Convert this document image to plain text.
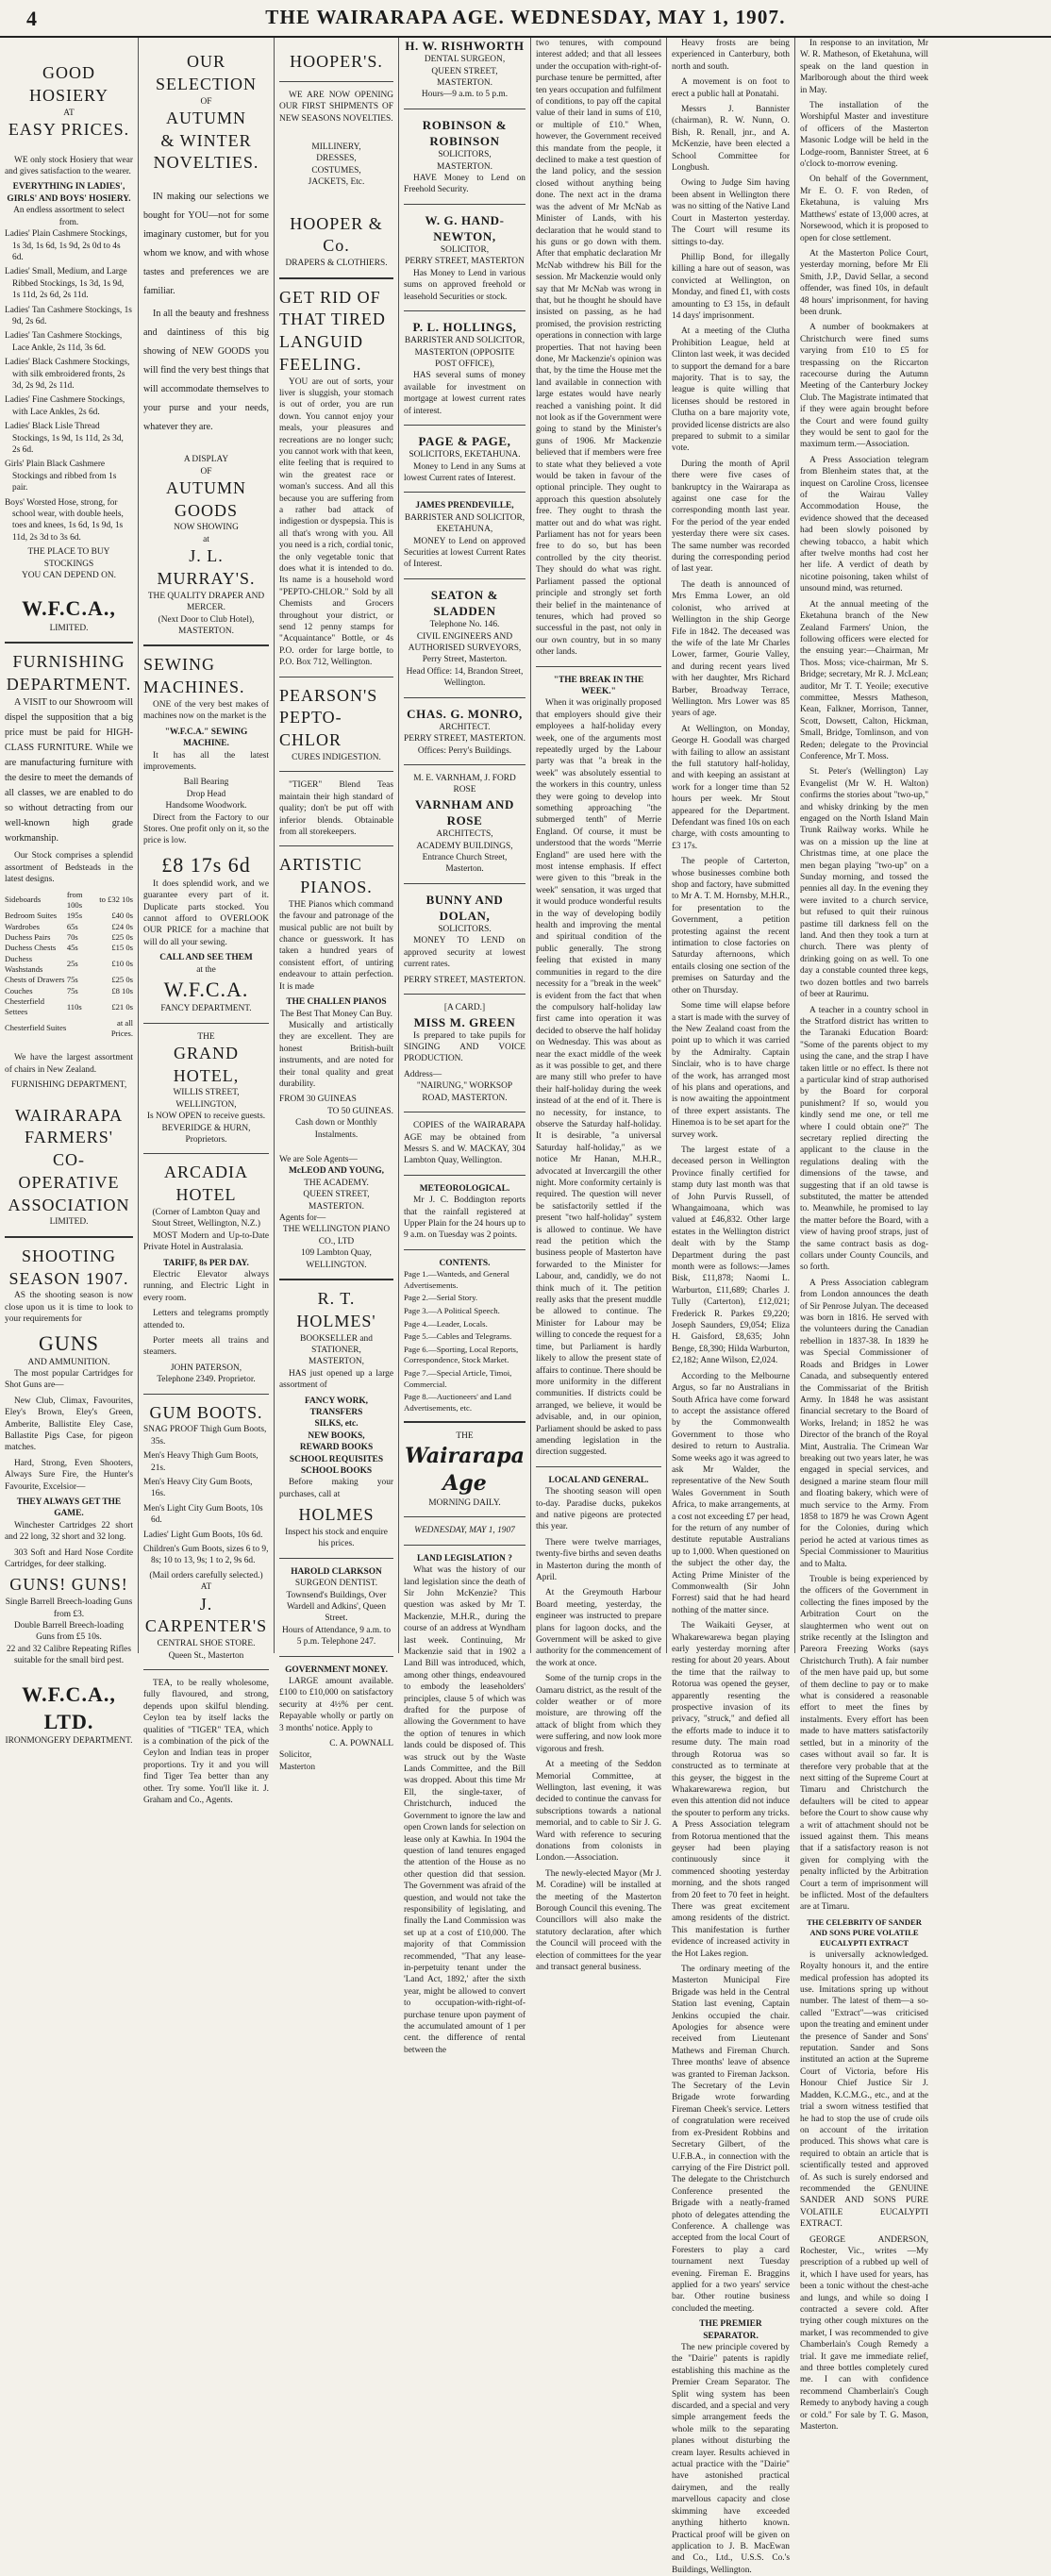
4	THE WAIRARAPA AGE. WEDNESDAY, MAY 1, 1907.
GOOD HOSIERY
AT
EASY PRICES.
WE only stock Hosiery that wear and gives satisfaction to the wearer.
EVERYTHING IN LADIES', GIRLS' AND BOYS' HOSIERY.
An endless assortment to select from.
Ladies' Plain Cashmere Stockings, 1s 3d, 1s 6d, 1s 9d, 2s 0d to 4s 6d.
Ladies' Small, Medium, and Large Ribbed Stockings, 1s 3d, 1s 9d, 1s 11d, 2s 6d, 2s 11d.
Ladies' Tan Cashmere Stockings, 1s 9d, 2s 6d.
Ladies' Tan Cashmere Stockings, Lace Ankle, 2s 11d, 3s 6d.
Ladies' Black Cashmere Stockings, with silk embroidered fronts, 2s 3d, 2s 9d, 2s 11d.
Ladies' Fine Cashmere Stockings, with Lace Ankles, 2s 6d.
Ladies' Black Lisle Thread Stockings, 1s 9d, 1s 11d, 2s 3d, 2s 6d.
Girls' Plain Black Cashmere Stockings and ribbed from 1s pair.
Boys' Worsted Hose, strong, for school wear, with double heels, toes and knees, 1s 6d, 1s 9d, 1s 11d, 2s 3d to 3s 6d.
THE PLACE TO BUY STOCKINGS
YOU CAN DEPEND ON.
W.F.C.A.,
LIMITED.
FURNISHING
DEPARTMENT.
A VISIT to our Showroom will dispel the supposition that a big price must be paid for HIGH-CLASS FURNITURE. While we are manufacturing furniture with the desire to meet the demands of all classes, we are enabled to do so without detracting from our well-known high grade workmanship.
Our Stock comprises a splendid assortment of Bedsteads in the latest designs.
Sideboards	from 100s	to £32 10s
Bedroom Suites	195s	£40 0s
Wardrobes	65s	£24 0s
Duchess Pairs	70s	£25 0s
Duchess Chests	45s	£15 0s
Duchess Washstands	25s	£10 0s
Chests of Drawers	75s	£25 0s
Couches	75s	£8 10s
Chesterfield Settees	110s	£21 0s
Chesterfield Suites		at all Prices.
We have the largest assortment of chairs in New Zealand.
FURNISHING DEPARTMENT,
WAIRARAPA
FARMERS'
CO-OPERATIVE
ASSOCIATION
LIMITED.
SHOOTING
SEASON 1907.
AS the shooting season is now close upon us it is time to look to your requirements for
GUNS
AND AMMUNITION.
The most popular Cartridges for Shot Guns are—
New Club, Climax, Favourites, Eley's Brown, Eley's Green, Amberite, Ballistite Eley Case, Ballastite Pigs Case, for pigeon matches.
Hard, Strong, Even Shooters, Always Sure Fire, the Hunter's Favourite, Excelsior—
THEY ALWAYS GET THE GAME.
Winchester Cartridges 22 short and 22 long, 32 short and 32 long.
303 Soft and Hard Nose Cordite Cartridges, for deer stalking.
GUNS! GUNS!
Single Barrell Breech-loading Guns from £3.
Double Barrell Breech-loading Guns from £5 10s.
22 and 32 Calibre Repeating Rifles suitable for the small bird pest.
W.F.C.A., LTD.
IRONMONGERY DEPARTMENT.
OUR SELECTION
OF
AUTUMN
& WINTER
NOVELTIES.
IN making our selections we bought for YOU—not for some imaginary customer, but for you whom we know, and with whose tastes and preferences we are familiar.
In all the beauty and freshness and daintiness of this big showing of NEW GOODS you will find the very best things that will accommodate themselves to your purse and your needs, whatever they are.
A DISPLAY
OF
AUTUMN GOODS
NOW SHOWING
at
J. L. MURRAY'S.
THE QUALITY DRAPER AND
MERCER.
(Next Door to Club Hotel), MASTERTON.
SEWING
MACHINES.
ONE of the very best makes of machines now on the market is the
"W.F.C.A." SEWING MACHINE.
It has all the latest improvements.
Ball Bearing
Drop Head
Handsome Woodwork.
Direct from the Factory to our Stores. One profit only on it, so the price is low.
£8 17s 6d
It does splendid work, and we guarantee every part of it. Duplicate parts stocked. You cannot afford to OVERLOOK OUR PRICE for a machine that will do all your sewing.
CALL AND SEE THEM
at the
W.F.C.A.
FANCY DEPARTMENT.
THE
GRAND HOTEL,
WILLIS STREET, WELLINGTON,
Is NOW OPEN to receive guests.
BEVERIDGE & HURN,
Proprietors.
ARCADIA HOTEL
(Corner of Lambton Quay and Stout Street, Wellington, N.Z.)
MOST Modern and Up-to-Date Private Hotel in Australasia.
TARIFF, 8s PER DAY.
Electric Elevator always running, and Electric Light in every room.
Letters and telegrams promptly attended to.
Porter meets all trains and steamers.
JOHN PATERSON,
Telephone 2349. Proprietor.
GUM BOOTS.
SNAG PROOF Thigh Gum Boots, 35s.
Men's Heavy Thigh Gum Boots, 21s.
Men's Heavy City Gum Boots, 16s.
Men's Light City Gum Boots, 10s 6d.
Ladies' Light Gum Boots, 10s 6d.
Children's Gum Boots, sizes 6 to 9, 8s; 10 to 13, 9s; 1 to 2, 9s 6d.
(Mail orders carefully selected.)
AT
J. CARPENTER'S
CENTRAL SHOE STORE.
Queen St., Masterton
TEA, to be really wholesome, fully flavoured, and strong, depends upon skilful blending. Ceylon tea by itself lacks the qualities of "TIGER" TEA, which is a combination of the pick of the Ceylon and Indian teas in proper proportions. Try it and you will find Tiger Tea better than any other. Try some. You'll like it. J. Graham and Co., Agents.
HOOPER'S.
WE ARE NOW OPENING OUR FIRST SHIPMENTS OF NEW SEASONS NOVELTIES.
MILLINERY,
DRESSES,
COSTUMES,
JACKETS, Etc.
HOOPER & Co.
DRAPERS & CLOTHIERS.
GET RID OF
THAT TIRED
LANGUID
FEELING.
YOU are out of sorts, your liver is sluggish, your stomach is out of order, you are run down. You cannot enjoy your meals, your pleasures and recreations are no longer such; you cannot work with that keen, elite feeling that is required to win the greatest race or woman's success. And all this because you are suffering from a rather bad attack of indigestion or dyspepsia. This is all that's wrong with you. All you need is a rich, cordial tonic, the only vegetable tonic that does what it is intended to do. Its name is a household word "PEPTO-CHLOR." Sold by all Chemists and Grocers throughout your district, or send 12 penny stamps for "Acquaintance" Bottle, or 4s P.O. order for large bottle, to P.O. Box 712, Wellington.
PEARSON'S
PEPTO-CHLOR
CURES INDIGESTION.
"TIGER" Blend Teas maintain their high standard of quality; don't be put off with inferior blends. Obtainable from all storekeepers.
ARTISTIC
PIANOS.
THE Pianos which command the favour and patronage of the musical public are not built by chance or guesswork. It has taken a hundred years of consistent effort, of untiring endeavour to attain perfection. It is made
THE CHALLEN PIANOS
The Best That Money Can Buy.
Musically and artistically they are excellent. They are honest British-built instruments, and are noted for their tonal quality and great durability.
FROM 30 GUINEAS
TO 50 GUINEAS.
Cash down or Monthly Instalments.
We are Sole Agents—
McLEOD AND YOUNG,
THE ACADEMY.
QUEEN STREET, MASTERTON.
Agents for—
THE WELLINGTON PIANO CO., LTD
109 Lambton Quay,
WELLINGTON.
R. T. HOLMES'
BOOKSELLER and STATIONER,
MASTERTON,
HAS just opened up a large assortment of
FANCY WORK,
TRANSFERS
SILKS, etc.
NEW BOOKS,
REWARD BOOKS
SCHOOL REQUISITES
SCHOOL BOOKS
Before making your purchases, call at
HOLMES
Inspect his stock and enquire his prices.
HAROLD CLARKSON
SURGEON DENTIST.
Townsend's Buildings, Over Wardell and Adkins', Queen Street.
Hours of Attendance, 9 a.m. to 5 p.m. Telephone 247.
GOVERNMENT MONEY.
LARGE amount available. £100 to £10,000 on satisfactory security at 4½% per cent. Repayable wholly or partly on 3 months' notice. Apply to
C. A. POWNALL
Solicitor,
Masterton
H. W. RISHWORTH
DENTAL SURGEON,
QUEEN STREET, MASTERTON.
Hours—9 a.m. to 5 p.m.
ROBINSON & ROBINSON
SOLICITORS,
MASTERTON.
HAVE Money to Lend on Freehold Security.
W. G. HAND-NEWTON,
SOLICITOR,
PERRY STREET, MASTERTON
Has Money to Lend in various sums on approved freehold or leasehold Securities or stock.
P. L. HOLLINGS,
BARRISTER AND SOLICITOR,
MASTERTON (OPPOSITE POST OFFICE),
HAS several sums of money available for investment on mortgage at lowest current rates of interest.
PAGE & PAGE,
SOLICITORS, EKETAHUNA.
Money to Lend in any Sums at lowest Current rates of Interest.
JAMES PRENDEVILLE,
BARRISTER AND SOLICITOR, EKETAHUNA,
MONEY to Lend on approved Securities at lowest Current Rates of Interest.
SEATON & SLADDEN
Telephone No. 146.
CIVIL ENGINEERS AND AUTHORISED SURVEYORS,
Perry Street, Masterton.
Head Office: 14, Brandon Street, Wellington.
CHAS. G. MONRO,
ARCHITECT.
PERRY STREET, MASTERTON.
Offices: Perry's Buildings.
M. E. VARNHAM, J. FORD ROSE
VARNHAM AND ROSE
ARCHITECTS,
ACADEMY BUILDINGS,
Entrance Church Street, Masterton.
BUNNY AND DOLAN,
SOLICITORS.
MONEY TO LEND on approved security at lowest current rates.
PERRY STREET, MASTERTON.
[A CARD.]
MISS M. GREEN
Is prepared to take pupils for SINGING AND VOICE PRODUCTION.
Address—
"NAIRUNG," WORKSOP ROAD, MASTERTON.
COPIES of the WAIRARAPA AGE may be obtained from Messrs S. and W. MACKAY, 304 Lambton Quay, Wellington.
METEOROLOGICAL.
Mr J. C. Boddington reports that the rainfall registered at Upper Plain for the 24 hours up to 9 a.m. on Tuesday was 2 points.
CONTENTS.
Page 1.—Wanteds, and General Advertisements.
Page 2.—Serial Story.
Page 3.—A Political Speech.
Page 4.—Leader, Locals.
Page 5.—Cables and Telegrams.
Page 6.—Sporting, Local Reports, Correspondence, Stock Market.
Page 7.—Special Article, Timoi, Commercial.
Page 8.—Auctioneers' and Land Advertisements, etc.
THE
Wairarapa Age
MORNING DAILY.
WEDNESDAY, MAY 1, 1907
LAND LEGISLATION ?
What was the history of our land legislation since the death of Sir John McKenzie? This question was asked by Mr T. Mackenzie, M.H.R., during the course of an address at Wyndham last week. Continuing, Mr Mackenzie said that in 1902 a Land Bill was introduced, which, among other things, endeavoured to embody the leaseholders' principles, clause 5 of which was drafted for the purpose of allowing the Government to have the option of tenures in which lands could be disposed of. This was struck out by the Waste Lands Committee, and the Bill was dropped. About this time Mr Ell, the single-taxer, of Christchurch, induced the Government to ignore the law and open Crown lands for selection on lease only at Kawhia. In 1904 the question of land tenures engaged the attention of the House as no other question did that session. The Government was afraid of the question, and would not take the responsibility of legislating, and finally the Land Commission was set up at a cost of £10,000. The majority of that Commission recommended, "That any lease-in-perpetuity tenant under the 'Land Act, 1892,' after the sixth year, might be allowed to convert to occupation-with-right-of-purchase tenure upon payment of the accumulated amount of 1 per cent. the difference of rental between the
two tenures, with compound interest added; and that all lessees under the occupation with-right-of-purchase tenure be permitted, after ten years occupation and fulfilment of conditions, to pay off the capital value of their land in sums of £10, or multiple of £10." When, however, the Government received this mandate from the people, it declined to make a test question of the land policy, and the session closed without anything being done. The next act in the drama was the advent of Mr McNab as Minister of Lands, with his declaration that he would stand to his guns or go down with them. After that emphatic declaration Mr McNab withdrew his Bill for the session. Mr Mackenzie would only say that Mr McNab was wrong in that, but he thought he should have insisted on passing, as he had promised, the provision restricting operations in connection with large properties. That not having been done, Mr Mackenzie's opinion was that, by the time the House met the land available in connection with large estates would have nearly reached a vanishing point. It did not look as if the Government were going to stand by the Minister's guns of 1906. Mr Mackenzie believed that if members were free to state what they believed a vote would be taken in favour of the optional principle. They ought to approach this question absolutely free. They ought to thrash the matter out and do what was right. Parliament has not for years been free to do so, but has been controlled by the city theorist. They should do what was right. Parliament passed the optional principle and strongly set forth their belief in the maintenance of tenures, which had proved so successful in the past, not only in our own country, but in so many other lands.
"THE BREAK IN THE WEEK."
When it was originally proposed that employers should give their employees a half-holiday every week, one of the arguments most repeatedly urged by the Labour party was that "a break in the week" was absolutely essential to the workers in this country, unless they were going to develop into something approaching "the submerged tenth" of Merrie England. Of course, it must be understood that the words "Merrie England" are used here with the most intense emphasis. If effect were given to this "break in the week" sensation, it was urged that it would produce wonderful results in the way of developing bodily health and improving the mental and spiritual condition of the public generally. The strong feeling that existed in many communities in regard to the dire necessity for a "break in the week" is evident from the fact that when the compulsory half-holiday law first came into operation it was decided to observe the half holiday on Wednesday. This was about as near the exact middle of the week as it was possible to get, and there are many still who prefer to have their half-holiday during the week instead of at the end of it. There is no necessity, for instance, to observe the Saturday half-holiday. It is desirable, "a universal Saturday half-holiday," as we notice Mr Hanan, M.H.R., advocated at Invercargill the other night. More conformity certainly is required. The question will never be satisfactorily settled if the present "two half-holiday" system is allowed to continue. We have read the petition which the business people of Masterton have forwarded to the Minister for Labour, and, candidly, we do not think much of it. The petition really asks that the present muddle be allowed to continue. The Minister for Labour may be willing to concede the request for a time, but Parliament is hardly likely to allow the present state of affairs to continue. There should be more uniformity in the different communities. If districts could be arranged, we believe, it would be advisable, and, in our opinion, Parliament should be asked to pass amending legislation in the direction suggested.
LOCAL AND GENERAL.
The shooting season will open to-day. Paradise ducks, pukekos and native pigeons are protected this year.
There were twelve marriages, twenty-five births and seven deaths in Masterton during the month of April.
At the Greymouth Harbour Board meeting, yesterday, the engineer was instructed to prepare plans for lagoon docks, and the Government will be asked to give authority for the commencement of the work at once.
Some of the turnip crops in the Oamaru district, as the result of the colder weather or of more moisture, are throwing off the attack of blight from which they were suffering, and now look more vigorous and fresh.
At a meeting of the Seddon Memorial Committee, at Wellington, last evening, it was decided to continue the canvass for subscriptions towards a national memorial, and to cable to Sir J. G. Ward with reference to securing donations from colonists in London.—Association.
The newly-elected Mayor (Mr J. M. Coradine) will be installed at the meeting of the Masterton Borough Council this evening. The Councillors will also make the statutory declaration, after which the Council will proceed with the election of committees for the year and transact general business.
Heavy frosts are being experienced in Canterbury, both north and south.
A movement is on foot to erect a public hall at Ponatahi.
Messrs J. Bannister (chairman), R. W. Nunn, O. Bish, R. Renall, jnr., and A. McKenzie, have been elected a School Committee for Longbush.
Owing to Judge Sim having been absent in Wellington there was no sitting of the Native Land Court in Masterton yesterday. The Court will resume its sittings to-day.
Phillip Bond, for illegally killing a hare out of season, was convicted at Wellington, on Monday, and fined £1, with costs amounting to £3 15s, in default 14 days' imprisonment.
At a meeting of the Clutha Prohibition League, held at Clinton last week, it was decided to support the demand for a bare majority. That is to say, the league is quite willing that licenses should be restored in Clutha on a bare majority vote, provided license districts are also prepared to submit to a similar vote.
During the month of April there were five cases of bankruptcy in the Wairarapa as against one case for the corresponding month last year. For the period of the year ended yesterday there were six cases. The same number was recorded during the corresponding period of last year.
The death is announced of Mrs Emma Lower, an old colonist, who arrived at Wellington in the ship George Fife in 1842. The deceased was the wife of the late Mr Charles Lower, farmer, Gourie Valley, and during recent years lived with her daughter, Mrs Richard Barber, Broadway Terrace, Wellington. Mrs Lower was 85 years of age.
At Wellington, on Monday, George H. Goodall was charged with failing to allow an assistant the full statutory half-holiday, and with keeping an assistant at work for a longer time than 52 hours per week. Mr Stout appeared for the Department. Defendant was fined 10s on each charge, with costs amounting to £3 17s.
The people of Carterton, whose businesses combine both shop and factory, have submitted to Mr A. T. M. Hornsby, M.H.R., for presentation to the Government, a petition protesting against the recent intimation to close factories on Saturday afternoons, which entails closing one section of the premises on Saturday and the other on Thursday.
Some time will elapse before a start is made with the survey of the New Zealand coast from the point up to which it was carried by the Admiralty. Captain Sinclair, who is to have charge of the work, has arranged most of his plans and operations, and is now awaiting the appointment of three expert assistants. The Hinemoa is to be set apart for the survey work.
The largest estate of a deceased person in Wellington Province finally certified for stamp duty last month was that of John Purvis Russell, of Whangaimoana, which was valued at £46,832. Other large estates in the Wellington district dealt with by the Stamp Department during the past month were as follows:—James Bisk, £11,878; Naomi L. Warburton, £11,689; Charles J. Tully (Carterton), £12,021; Frederick R. Parkes £9,220; Joseph Saunders, £9,054; Eliza H. Gaisford, £8,635; John Benge, £8,390; Hilda Warburton, £2,182; Anne Wilson, £2,024.
According to the Melbourne Argus, so far no Australians in South Africa have come forward to accept the assistance offered by the Commonwealth Government to those who desired to return to Australia. Some weeks ago it was agreed to ask Mr Walder, the representative of the New South Wales Government in South Africa, to make arrangements, at a cost not exceeding £7 per head, for the return of any number of destitute reputable Australians up to 1,000. When questioned on the subject the other day, the Acting Prime Minister of the Commonwealth (Sir John Forrest) said that he had heard nothing of the matter since.
The Waikaiti Geyser, at Whakarewarewa began playing early yesterday morning after resting for about 20 years. About the time that the railway to Rotorua was opened the geyser, apparently resenting the prospective invasion of its privacy, "struck," and defied all the efforts made to induce it to resume duty. The main road through Rotorua was so constructed as to terminate at this geyser, the biggest in the Whakarewarewa region, but even this attention did not induce the spouter to perform any tricks. A Press Association telegram from Rotorua mentioned that the geyser had been playing continuously since it commenced shooting yesterday morning, and the shots ranged from 20 feet to 70 feet in height. There was great excitement among residents of the district. This manifestation is further evidence of increased activity in the Hot Lakes region.
The ordinary meeting of the Masterton Municipal Fire Brigade was held in the Central Station last evening, Captain Jenkins occupied the chair. Apologies for absence were received from Lieutenant Mathews and Fireman Church. Three months' leave of absence was granted to Fireman Jackson. The Secretary of the Levin Brigade wrote forwarding Fireman Cheek's service. Letters of congratulation were received from ex-President Robbins and Secretary Gilbert, of the U.F.B.A., in connection with the carrying of the Fire District poll. The delegate to the Christchurch Conference presented the Brigade with a neatly-framed photo of delegates attending the Conference. A challenge was accepted from the local Court of Foresters to play a card tournament next Tuesday evening. Fireman E. Braggins applied for a two years' service bar. Other routine business concluded the meeting.
THE PREMIER SEPARATOR.
The new principle covered by the "Dairie" patents is rapidly establishing this machine as the Premier Cream Separator. The Split wing system has been discarded, and a special and very simple arrangement feeds the whole milk to the separating planes without disturbing the cream layer. Results achieved in actual practice with the "Dairie" have astonished practical dairymen, and the really marvellous capacity and close skimming have exceeded anything hitherto known. Practical proof will be given on application to J. B. MacEwan and Co., Ltd., U.S.S. Co.'s Buildings, Wellington.
In response to an invitation, Mr W. R. Matheson, of Eketahuna, will speak on the land question in Marlborough about the third week in May.
The installation of the Worshipful Master and investiture of officers of the Masterton Masonic Lodge will be held in the Lodge-room, Bannister Street, at 6 o'clock to-morrow evening.
On behalf of the Government, Mr E. O. F. von Reden, of Eketahuna, is valuing Mrs Matthews' estate of 13,000 acres, at Norsewood, which it is proposed to open for close settlement.
At the Masterton Police Court, yesterday morning, before Mr Eli Smith, J.P., David Sellar, a second offender, was fined 10s, in default 48 hours' imprisonment, for having been drunk.
A number of bookmakers at Christchurch were fined sums varying from £10 to £5 for trespassing on the Riccarton racecourse during the Autumn Meeting of the Canterbury Jockey Club. The Magistrate intimated that if they were again brought before the Court and were found guilty they would be sent to gaol for the maximum term.—Association.
A Press Association telegram from Blenheim states that, at the inquest on Caroline Cross, licensee of the Wairau Valley Accommodation House, the evidence showed that the deceased had been slowly poisoned by chewing tobacco, a habit which after twelve months had cost her her life. A verdict of death by nicotine poisoning, taken whilst of unsound mind, was returned.
At the annual meeting of the Eketahuna branch of the New Zealand Farmers' Union, the following officers were elected for the ensuing year:—Chairman, Mr Thos. Moss; vice-chairman, Mr S. Bridge; secretary, Mr R. J. McLean; auditor, Mr T. T. Yeoile; executive committee, Messrs Matheson, Kean, Falkner, Morrison, Tanner, Scott, Dowsett, Calton, Hickman, Small, Bridge, Tomlinson, and von Reden; delegate to the Provincial Conference, Mr T. Moss.
St. Peter's (Wellington) Lay Evangelist (Mr W. H. Walton) confirms the stories about "two-up," and whisky drinking by the men engaged on the North Island Main Trunk Railway works. While he was on a mission up the line at Christmas time, at one place the men began playing "two-up" on a Sunday morning, and tossed the pennies all day. In the evening they were invited to a church service, but refused to quit their ruinous pastime till darkness fell on the land. And then they took a turn at church. There was plenty of drinking going on as well. To one day a constable counted three kegs, two dozen bottles and two barrels of beer at Raurimu.
A teacher in a country school in the Stratford district has written to the Taranaki Education Board: "Some of the parents object to my using the cane, and the strap I have taken little or no effect. Is there not a particular kind of strap authorised by the Board for corporal punishment? If so, would you kindly send me one, or tell me where I could obtain one?" The secretary replied directing the applicant to the clause in the regulations dealing with the dimensions of the tawse, and suggesting that if an old tawse is substituted, the matter be attended to. Meanwhile, he promised to lay the matter before the Board, with a view of having proof straps, just of the same contract basis as dog-collars under County Councils, and so forth.
A Press Association cablegram from London announces the death of Sir Penrose Julyan. The deceased was born in 1816. He served with the volunteers during the Canadian rebellion in 1837-38. In 1839 he was Special Commissioner of Roads and Bridges in Lower Canada, and subsequently entered the Commissariat of the British Army. In 1848 he was assistant financial secretary to the Board of Works, Ireland; in 1852 he was Director of the branch of the Royal Mint, Australia. The Crimean War breaking out two years later, he was engaged in special services, and designed a marine steam flour mill and floating bakery, which were of much service to the Army. From 1858 to 1879 he was Crown Agent for the Colonies, during which period he acted at various times as Special Commissioner to Mauritius and to Malta.
Trouble is being experienced by the officers of the Government in collecting the fines imposed by the Arbitration Court on the slaughtermen who went out on strike recently at the Islington and Pareora Freezing Works (says Christchurch Truth). A fair number of the men have paid up, but some of them decline to pay or to make what is considered a reasonable effort to meet the fines by instalments. Every effort has been made to have matters satisfactorily settled, but in a minority of the cases without avail so far. It is therefore very probable that at the next sitting of the Supreme Court at Timaru and Christchurch the defaulters will be cited to appear before the Court to show cause why a writ of attachment should not be issued against them. This means that if a satisfactory reason is not given for complying with the penalty inflicted by the Arbitration Court a term of imprisonment will be inflicted. Most of the defaulters are at Timaru.
THE CELEBRITY OF SANDER AND SONS PURE VOLATILE EUCALYPTI EXTRACT
is universally acknowledged. Royalty honours it, and the entire medical profession has adopted its use. Imitations spring up without number. The latest of them—a so-called "Extract"—was criticised upon the treating and eminent under the presence of Sander and Sons' reputation. Sander and Sons instituted an action at the Supreme Court of Victoria, before His Honour Chief Justice Sir J. Madden, K.C.M.G., etc., and at the trial a sworn witness testified that he had to stop the use of crude oils on account of the irritation produced. This shows what care is required to obtain an article that is scientifically tested and approved of. As such is surely endorsed and recommended the GENUINE SANDER AND SONS PURE VOLATILE EUCALYPTI EXTRACT.
GEORGE ANDERSON, Rochester, Vic., writes —My prescription of a rubbed up well of it, which I have used for years, has been a tonic without the chest-ache and lungs, and while so doing I contracted a severe cold. After trying other cough mixtures on the market, I was recommended to give Chamberlain's Cough Remedy a trial. It gave me immediate relief, and three bottles completely cured me. I can with confidence recommend Chamberlain's Cough Remedy to anybody having a cough or cold." For sale by T. G. Mason, Masterton.
